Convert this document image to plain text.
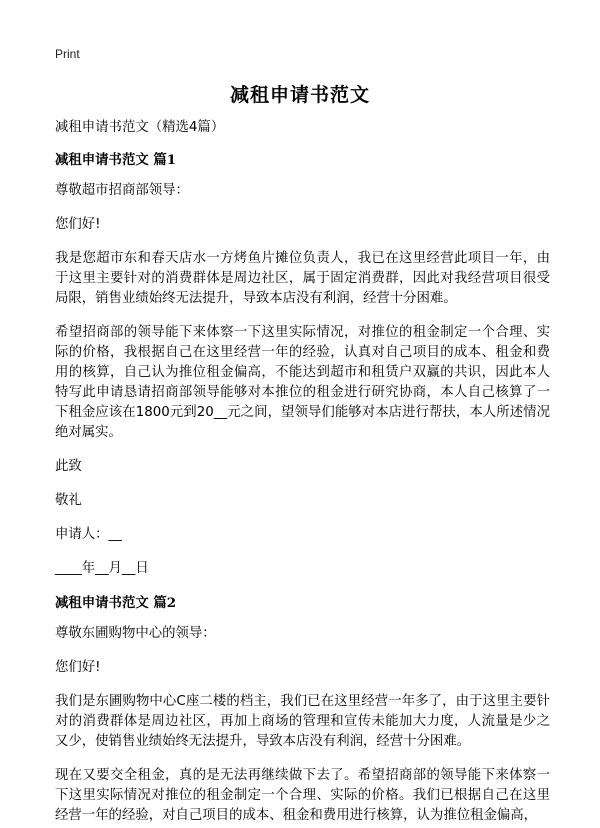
Print
减租申请书范文

减租申请书范文（精选4篇）

减租申请书范文 篇1

尊敬超市招商部领导：

您们好!

我是您超市东和春天店水一方烤鱼片摊位负责人，我已在这里经营此项目一年，由于这里主要针对的消费群体是周边社区，属于固定消费群，因此对我经营项目很受局限，销售业绩始终无法提升，导致本店没有利润，经营十分困难。

希望招商部的领导能下来体察一下这里实际情况，对推位的租金制定一个合理、实际的价格，我根据自己在这里经营一年的经验，认真对自己项目的成本、租金和费用的核算，自己认为推位租金偏高，不能达到超市和租赁户双赢的共识，因此本人特写此申请恳请招商部领导能够对本推位的租金进行研究协商，本人自己核算了一下租金应该在1800元到20__元之间，望领导们能够对本店进行帮扶，本人所述情况绝对属实。

此致

敬礼

申请人：__

____年__月__日

减租申请书范文 篇2

尊敬东圃购物中心的领导：

您们好!

我们是东圃购物中心C座二楼的档主，我们已在这里经营一年多了，由于这里主要针对的消费群体是周边社区，再加上商场的管理和宣传未能加大力度，人流量是少之又少，使销售业绩始终无法提升，导致本店没有利润，经营十分困难。

现在又要交全租金，真的是无法再继续做下去了。希望招商部的领导能下来体察一下这里实际情况对推位的租金制定一个合理、实际的价格。我们已根据自己在这里经营一年的经验，对自己项目的成本、租金和费用进行核算，认为推位租金偏高，
